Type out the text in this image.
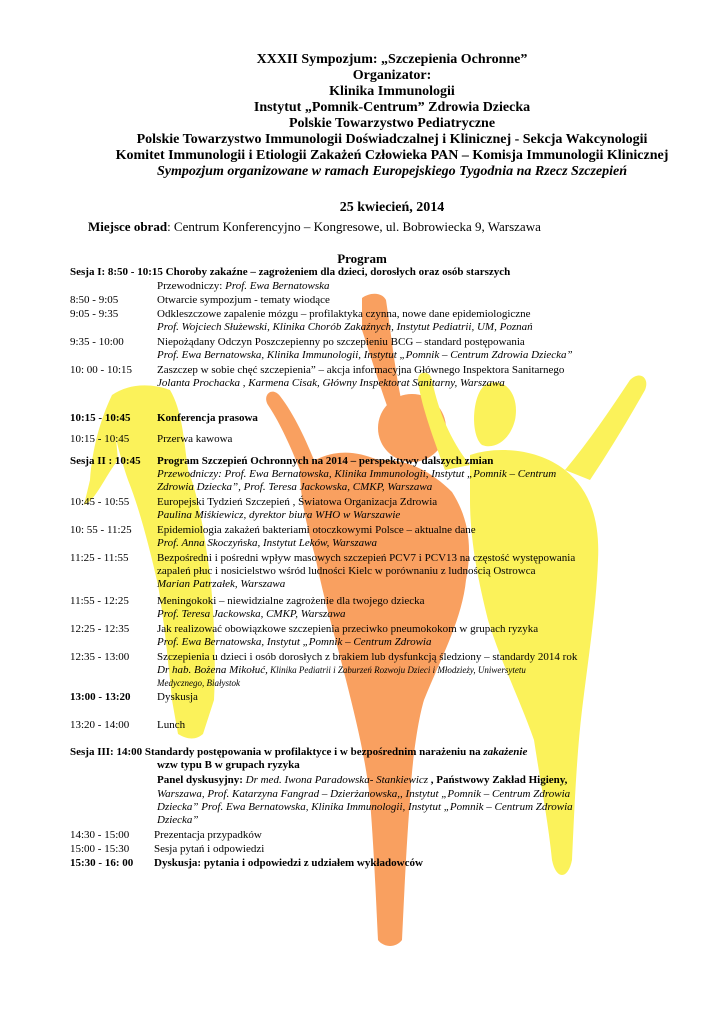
XXXII Sympozjum: „Szczepienia Ochronne”
Organizator:
Klinika Immunologii
Instytut „Pomnik-Centrum” Zdrowia Dziecka
Polskie Towarzystwo Pediatryczne
Polskie Towarzystwo Immunologii Doświadczalnej i Klinicznej - Sekcja Wakcynologii
Komitet Immunologii i Etiologii Zakażeń Człowieka PAN – Komisja Immunologii Klinicznej
Sympozjum organizowane w ramach Europejskiego Tygodnia na Rzecz Szczepień
25 kwiecień, 2014
Miejsce obrad: Centrum Konferencyjno – Kongresowe, ul. Bobrowiecka 9, Warszawa
Program
Sesja I: 8:50 - 10:15 Choroby zakaźne – zagrożeniem dla dzieci, dorosłych oraz osób starszych
Przewodniczy: Prof. Ewa Bernatowska
8:50 - 9:05	Otwarcie sympozjum - tematy wiodące
9:05 - 9:35	Odkleszczowe zapalenie mózgu – profilaktyka czynna, nowe dane epidemiologiczne
Prof. Wojciech Służewski, Klinika Chorób Zakaźnych, Instytut Pediatrii, UM, Poznań
9:35 - 10:00	Niepożądany Odczyn Poszczepienny po szczepieniu BCG – standard postępowania
Prof. Ewa Bernatowska, Klinika Immunologii, Instytut „Pomnik – Centrum Zdrowia Dziecka”
10: 00 - 10:15 Zaszczep w sobie chęć szczepienia” – akcja informacyjna Głównego Inspektora Sanitarnego
Jolanta Prochacka , Karmena Cisak, Główny Inspektorat Sanitarny, Warszawa
10:15 - 10:45 Konferencja prasowa
10:15 - 10:45	Przerwa kawowa
Sesja II : 10:45 Program Szczepień Ochronnych na 2014 – perspektywy dalszych zmian
Przewodniczy: Prof. Ewa Bernatowska, Klinika Immunologii, Instytut „Pomnik – Centrum
Zdrowia Dziecka”, Prof. Teresa Jackowska, CMKP, Warszawa
10:45 - 10:55	Europejski Tydzień Szczepień , Światowa Organizacja Zdrowia
Paulina Miśkiewicz, dyrektor biura WHO w Warszawie
10: 55 - 11:25 Epidemiologia zakażeń bakteriami otoczkowymi Polsce – aktualne dane
Prof. Anna Skoczyńska, Instytut Leków, Warszawa
11:25 - 11:55	Bezpośredni i pośredni wpływ masowych szczepień PCV7 i PCV13 na częstość występowania
zapaleń płuc i nosicielstwo wśród ludności Kielc w porównaniu z ludnością Ostrowca
Marian Patrzałek, Warszawa
11:55 - 12:25	Meningokoki – niewidzialne zagrożenie dla twojego dziecka
Prof. Teresa Jackowska, CMKP, Warszawa
12:25 - 12:35	Jak realizować obowiązkowe szczepienia przeciwko pneumokokom w grupach ryzyka
Prof. Ewa Bernatowska, Instytut „Pomnik – Centrum Zdrowia
12:35 - 13:00	Szczepienia u dzieci i osób dorosłych z brakiem lub dysfunkcją śledziony – standardy 2014 rok
Dr hab. Bożena Mikołuć, Klinika Pediatrii i Zaburzeń Rozwoju Dzieci i Młodzieży, Uniwersytetu
Medycznego, Białystok
13:00 - 13:20 Dyskusja
13:20 - 14:00	Lunch
Sesja III: 14:00 Standardy postępowania w profilaktyce i w bezpośrednim narażeniu na zakażenie
wzw typu B w grupach ryzyka
Panel dyskusyjny: Dr med. Iwona Paradowska- Stankiewicz , Państwowy Zakład Higieny,
Warszawa, Prof. Katarzyna Fangrad – Dzierżanowska,, Instytut „Pomnik – Centrum Zdrowia
Dziecka” Prof. Ewa Bernatowska, Klinika Immunologii, Instytut „Pomnik – Centrum Zdrowia
Dziecka”
14:30 - 15:00 Prezentacja przypadków
15:00 - 15:30 Sesja pytań i odpowiedzi
15:30 - 16: 00 Dyskusja: pytania i odpowiedzi z udziałem wykładowców
